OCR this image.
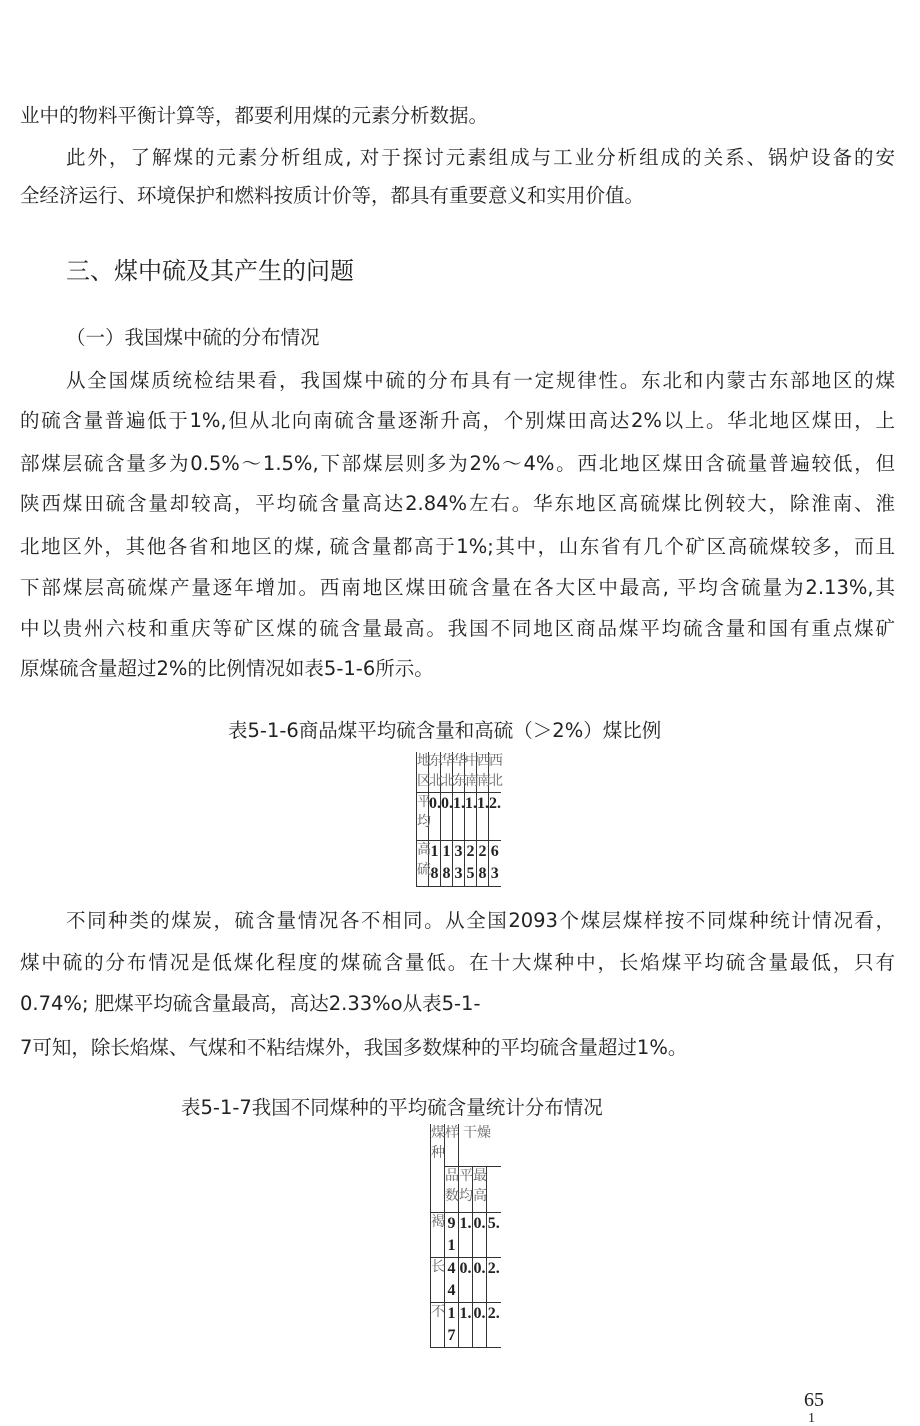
业中的物料平衡计算等，都要利用煤的元素分析数据。
此外，了解煤的元素分析组成, 对于探讨元素组成与工业分析组成的关系、锅炉设备的安
全经济运行、环境保护和燃料按质计价等，都具有重要意义和实用价值。
三、煤中硫及其产生的问题
（一）我国煤中硫的分布情况
从全国煤质统检结果看，我国煤中硫的分布具有一定规律性。东北和内蒙古东部地区的煤
的硫含量普遍低于1%,但从北向南硫含量逐渐升高，个别煤田高达2%以上。华北地区煤田，上
部煤层硫含量多为0.5%～1.5%,下部煤层则多为2%～4%。西北地区煤田含硫量普遍较低，但
陕西煤田硫含量却较高，平均硫含量高达2.84%左右。华东地区高硫煤比例较大，除淮南、淮
北地区外，其他各省和地区的煤, 硫含量都高于1%;其中，山东省有几个矿区高硫煤较多，而且
下部煤层高硫煤产量逐年增加。西南地区煤田硫含量在各大区中最高, 平均含硫量为2.13%,其
中以贵州六枝和重庆等矿区煤的硫含量最高。我国不同地区商品煤平均硫含量和国有重点煤矿
原煤硫含量超过2%的比例情况如表5-1-6所示。
表5-1-6商品煤平均硫含量和高硫（＞2%）煤比例
地区	东北	华北	华东	中南	西南	西北
平均	0.	0.	1.	1.	1.	2.
高硫	18	18	33	25	28	63
不同种类的煤炭，硫含量情况各不相同。从全国2093个煤层煤样按不同煤种统计情况看，
煤中硫的分布情况是低煤化程度的煤硫含量低。在十大煤种中，长焰煤平均硫含量最低，只有
0.74%; 肥煤平均硫含量最高，高达2.33%o从表5-1-
7可知，除长焰煤、气煤和不粘结煤外，我国多数煤种的平均硫含量超过1%。
表5-1-7我国不同煤种的平均硫含量统计分布情况
煤 种	样	干燥		
	品数	平均	最高	
褐	91	1.	0.	5.
长	44	0.	0.	2.
不	17	1.	0.	2.
65
1
